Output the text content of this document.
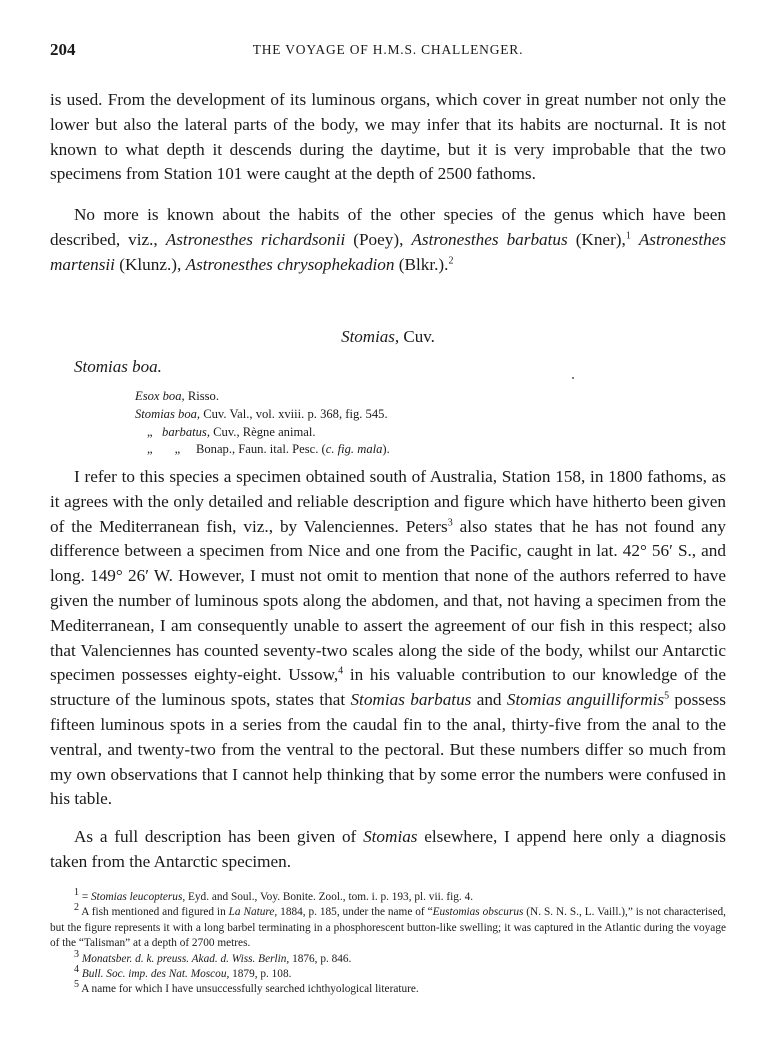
204	THE VOYAGE OF H.M.S. CHALLENGER.

is used. From the development of its luminous organs, which cover in great number not only the lower but also the lateral parts of the body, we may infer that its habits are nocturnal. It is not known to what depth it descends during the daytime, but it is very improbable that the two specimens from Station 101 were caught at the depth of 2500 fathoms.

No more is known about the habits of the other species of the genus which have been described, viz., Astronesthes richardsonii (Poey), Astronesthes barbatus (Kner),$^1$ Astronesthes martensii (Klunz.), Astronesthes chrysophekadion (Blkr.).$^2$

Stomias, Cuv.
Stomias boa.
Esox boa, Risso.
Stomias boa, Cuv. Val., vol. xviii. p. 368, fig. 545.
„ barbatus, Cuv., Règne animal.
„       „ Bonap., Faun. ital. Pesc. (c. fig. mala).

I refer to this species a specimen obtained south of Australia, Station 158, in 1800 fathoms, as it agrees with the only detailed and reliable description and figure which have hitherto been given of the Mediterranean fish, viz., by Valenciennes. Peters$^3$ also states that he has not found any difference between a specimen from Nice and one from the Pacific, caught in lat. 42° 56′ S., and long. 149° 26′ W. However, I must not omit to mention that none of the authors referred to have given the number of luminous spots along the abdomen, and that, not having a specimen from the Mediterranean, I am consequently unable to assert the agreement of our fish in this respect; also that Valenciennes has counted seventy-two scales along the side of the body, whilst our Antarctic specimen possesses eighty-eight. Ussow,$^4$ in his valuable contribution to our knowledge of the structure of the luminous spots, states that Stomias barbatus and Stomias anguilliformis$^5$ possess fifteen luminous spots in a series from the caudal fin to the anal, thirty-five from the anal to the ventral, and twenty-two from the ventral to the pectoral. But these numbers differ so much from my own observations that I cannot help thinking that by some error the numbers were confused in his table.

As a full description has been given of Stomias elsewhere, I append here only a diagnosis taken from the Antarctic specimen.

$^1$ = Stomias leucopterus, Eyd. and Soul., Voy. Bonite. Zool., tom. i. p. 193, pl. vii. fig. 4.

$^2$ A fish mentioned and figured in La Nature, 1884, p. 185, under the name of “Eustomias obscurus (N. S. N. S., L. Vaill.),” is not characterised, but the figure represents it with a long barbel terminating in a phosphorescent button-like swelling; it was captured in the Atlantic during the voyage of the “Talisman” at a depth of 2700 metres.

$^3$ Monatsber. d. k. preuss. Akad. d. Wiss. Berlin, 1876, p. 846.

$^4$ Bull. Soc. imp. des Nat. Moscou, 1879, p. 108.

$^5$ A name for which I have unsuccessfully searched ichthyological literature.
